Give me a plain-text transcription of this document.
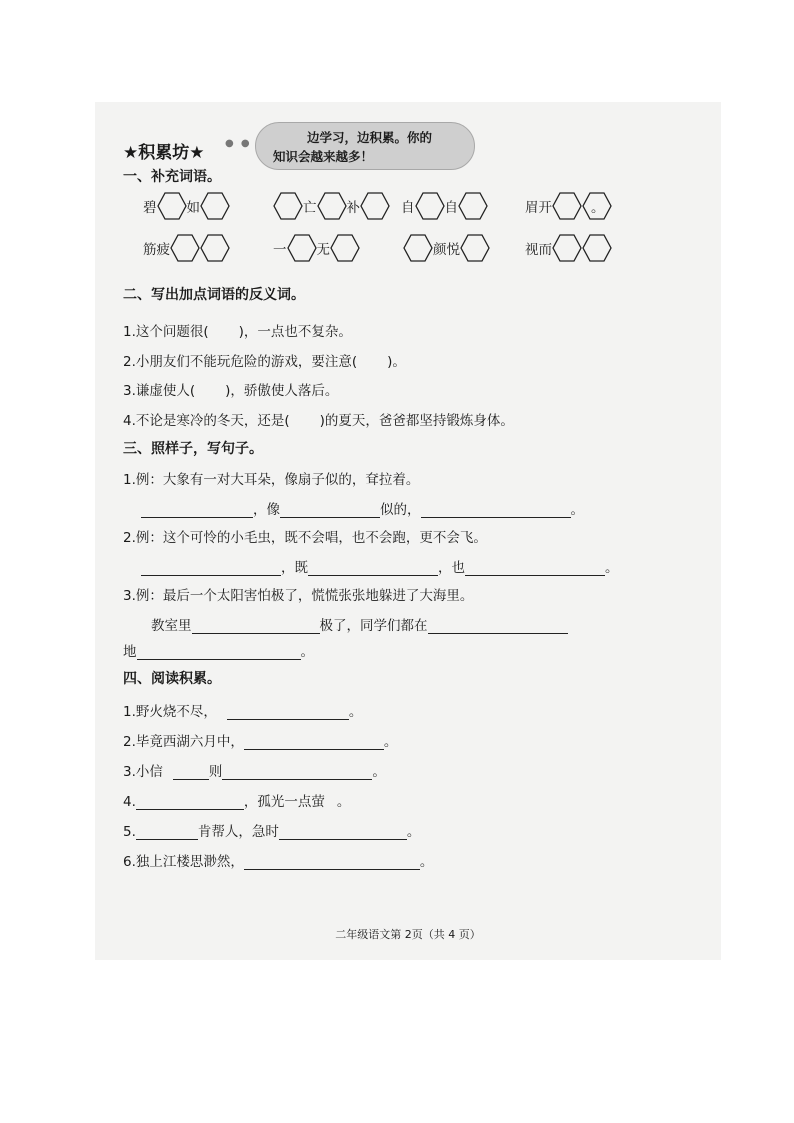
★积累坊★ ● ●	边学习，边积累。你的
知识会越来越多！
一、补充词语。
碧 如	亡 补	自 自	眉开	。
筋疲	一 无	颜悦	视而
二、写出加点词语的反义词。
1.这个问题很( )，一点也不复杂。
2.小朋友们不能玩危险的游戏，要注意( )。
3.谦虚使人( )，骄傲使人落后。
4.不论是寒冷的冬天，还是( )的夏天，爸爸都坚持锻炼身体。
三、照样子，写句子。
1.例：大象有一对大耳朵，像扇子似的，耷拉着。
，像	似的，	。
2.例：这个可怜的小毛虫，既不会唱，也不会跑，更不会飞。
，既	，也	。
3.例：最后一个太阳害怕极了，慌慌张张地躲进了大海里。
教室里	极了，同学们都在
地	。
四、阅读积累。
1.野火烧不尽，	。
2.毕竟西湖六月中，	。
3.小信	则	。
4.	，孤光一点萤 。
5.	肯帮人，急时	。
6.独上江楼思渺然，	。
二年级语文第 2页（共 4 页）
